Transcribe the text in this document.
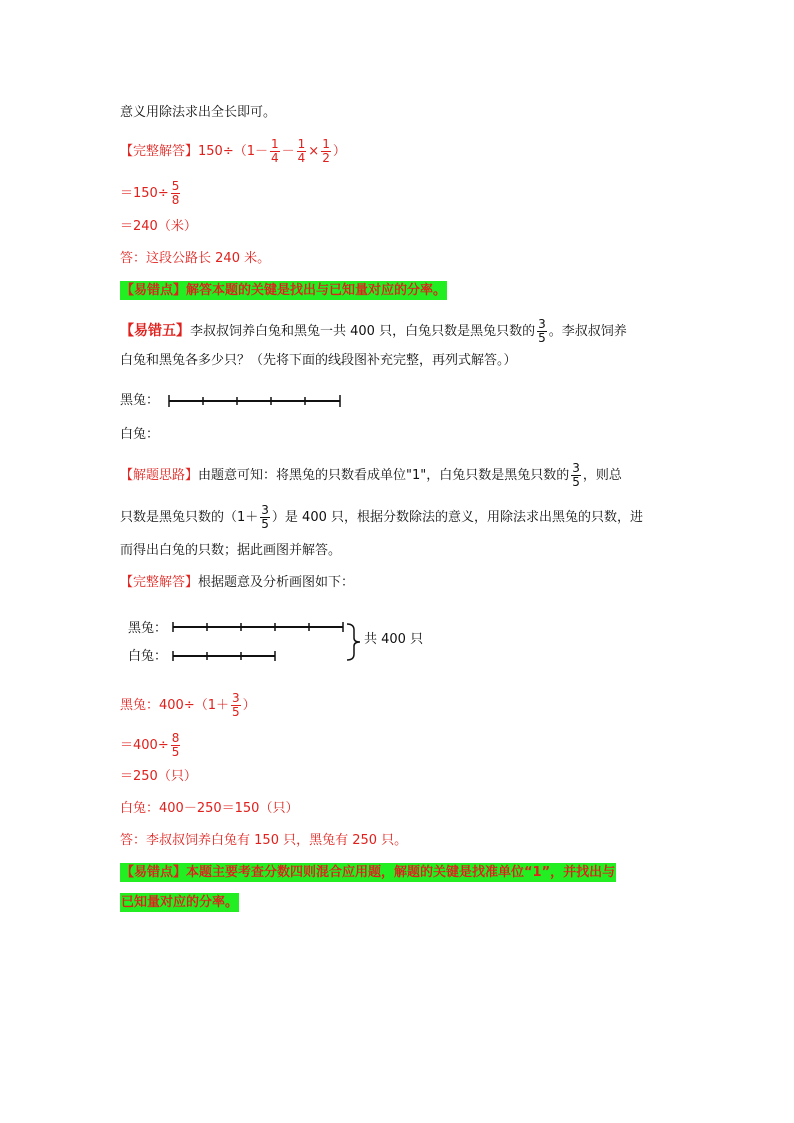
意义用除法求出全长即可。
【完整解答】$150\div(1- \frac{1}{4} - \frac{1}{4} \times \frac{1}{2}$ ）
$=150\div \frac{5}{8}$
＝240（米）
答：这段公路长 240 米。
【易错点】解答本题的关键是找出与已知量对应的分率。
【易错五】李叔叔饲养白兔和黑兔一共 400 只，白兔只数是黑兔只数的 $\frac{3}{5}$ 。李叔叔饲养
白兔和黑兔各多少只？（先将下面的线段图补充完整，再列式解答。）
黑兔：
白兔：
【解题思路】由题意可知：将黑兔的只数看成单位"1"，白兔只数是黑兔只数的 $\frac{3}{5}$ ，则总
只数是黑兔只数的（$1+ \frac{3}{5}$ ）是 400 只，根据分数除法的意义，用除法求出黑兔的只数，进
而得出白兔的只数；据此画图并解答。
【完整解答】根据题意及分析画图如下：
黑兔：
白兔：
共 400 只
黑兔：$400\div(1+ \frac{3}{5}$ ）
$=400\div \frac{8}{5}$
＝250（只）
白兔：400－250＝150（只）
答：李叔叔饲养白兔有 150 只，黑兔有 250 只。
【易错点】本题主要考查分数四则混合应用题，解题的关键是找准单位“1”，并找出与
已知量对应的分率。
